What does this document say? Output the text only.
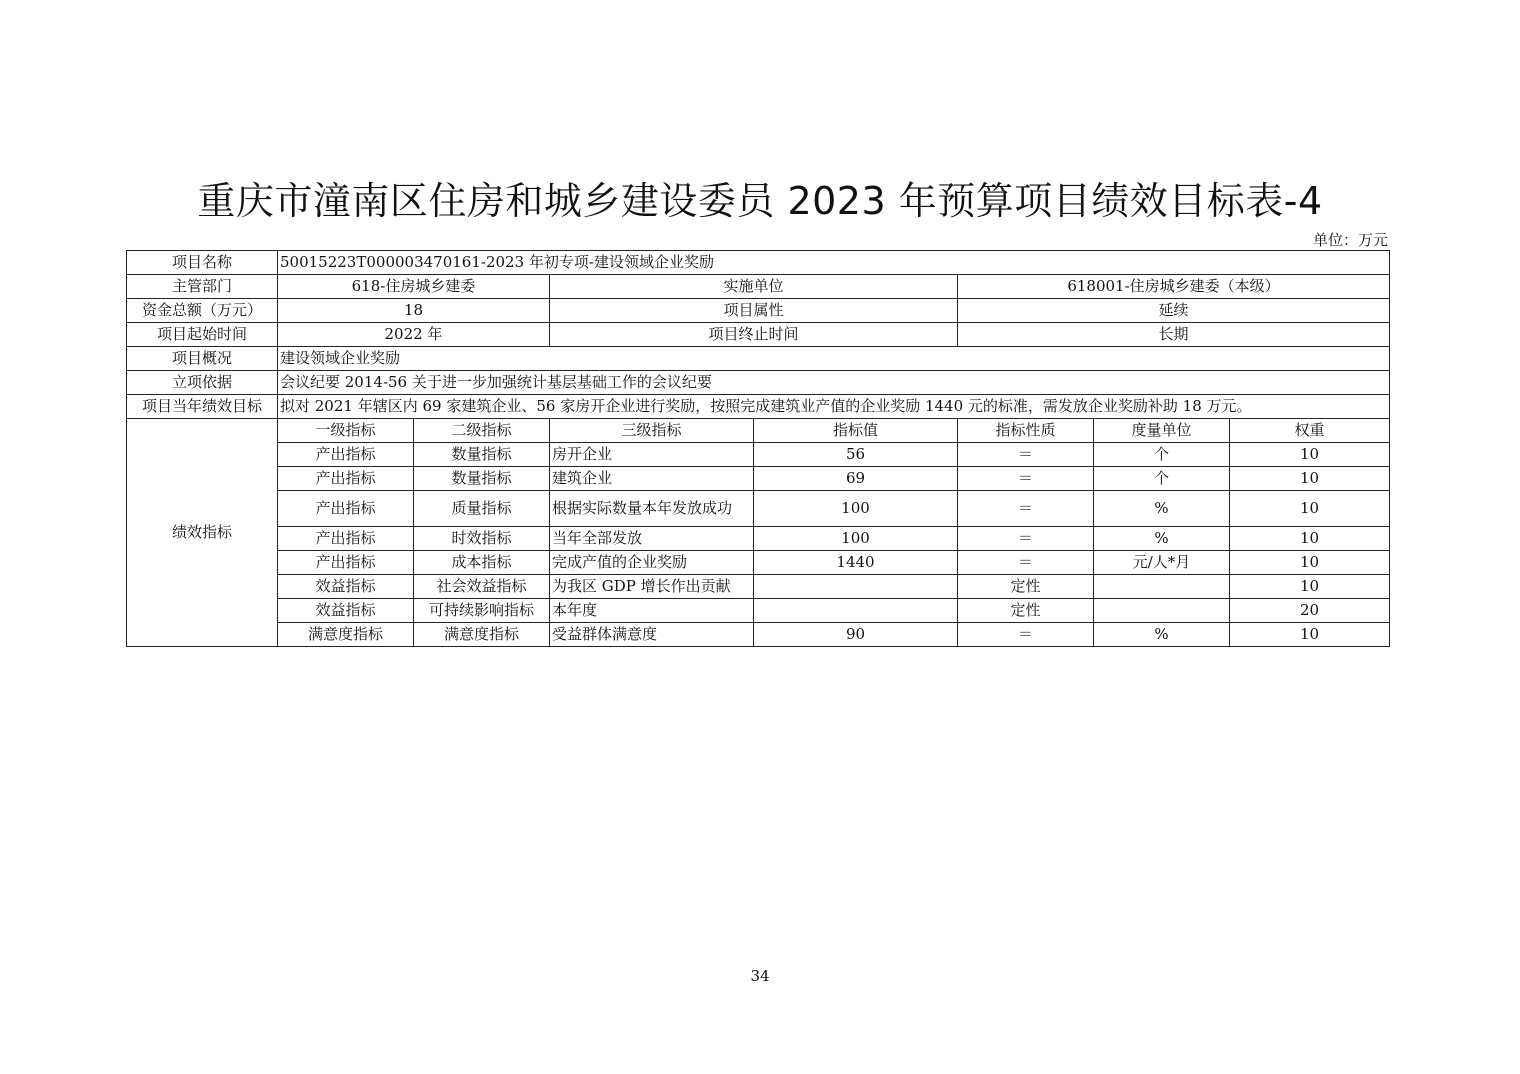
重庆市潼南区住房和城乡建设委员 2023 年预算项目绩效目标表-4
单位：万元
项目名称	50015223T000003470161-2023 年初专项-建设领域企业奖励						
主管部门	618-住房城乡建委		实施单位		618001-住房城乡建委（本级）		
资金总额（万元）	18		项目属性		延续		
项目起始时间	2022 年		项目终止时间		长期		
项目概况	建设领域企业奖励						
立项依据	会议纪要 2014-56 关于进一步加强统计基层基础工作的会议纪要						
项目当年绩效目标	拟对 2021 年辖区内 69 家建筑企业、56 家房开企业进行奖励，按照完成建筑业产值的企业奖励 1440 元的标准，需发放企业奖励补助 18 万元。						
绩效指标	一级指标	二级指标	三级指标	指标值	指标性质	度量单位	权重
	产出指标	数量指标	房开企业	56	＝	个	10
	产出指标	数量指标	建筑企业	69	＝	个	10
	产出指标	质量指标	根据实际数量本年发放成功	100	＝	%	10
	产出指标	时效指标	当年全部发放	100	＝	%	10
	产出指标	成本指标	完成产值的企业奖励	1440	＝	元/人*月	10
	效益指标	社会效益指标	为我区 GDP 增长作出贡献		定性		10
	效益指标	可持续影响指标	本年度		定性		20
	满意度指标	满意度指标	受益群体满意度	90	＝	%	10
34
